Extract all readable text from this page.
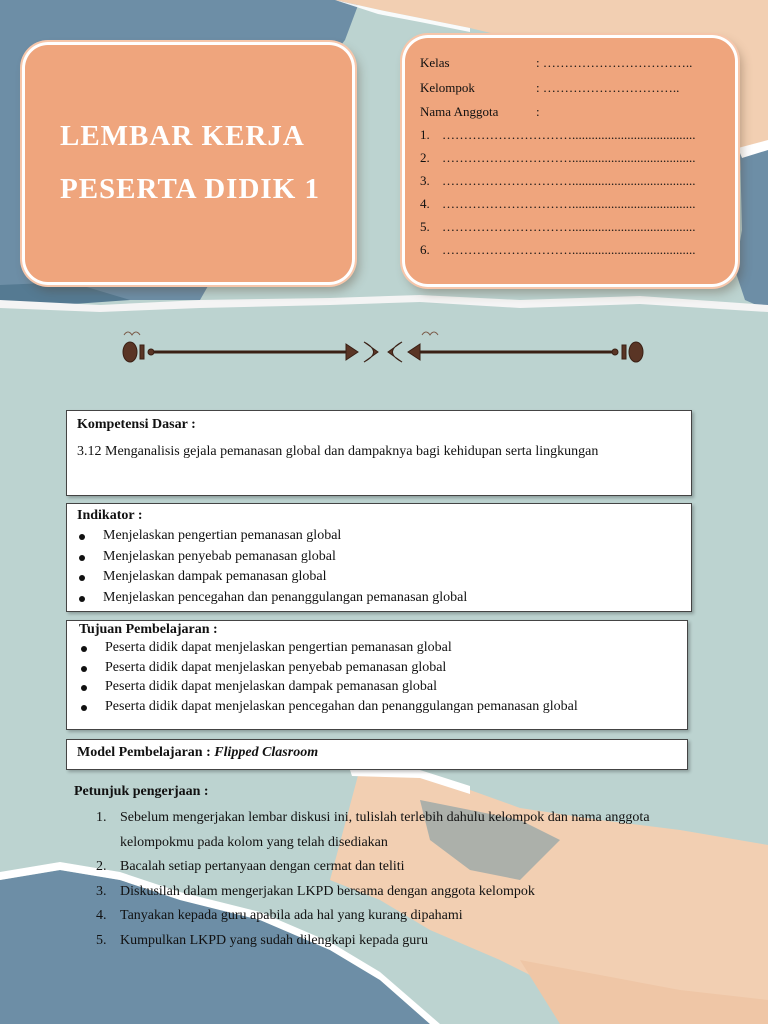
LEMBAR KERJA
PESERTA DIDIK 1
Kelas	: ……………………………..
Kelompok	: …………………………..
Nama Anggota	:
1. …………………………......................................
2. …………………………......................................
3. …………………………......................................
4. …………………………......................................
5. …………………………......................................
6. …………………………......................................
Kompetensi Dasar :
3.12 Menganalisis gejala pemanasan global dan dampaknya bagi kehidupan serta lingkungan
Indikator :
Menjelaskan pengertian pemanasan global
Menjelaskan penyebab pemanasan global
Menjelaskan dampak pemanasan global
Menjelaskan pencegahan dan penanggulangan pemanasan global
Tujuan Pembelajaran :
Peserta didik dapat menjelaskan pengertian pemanasan global
Peserta didik dapat menjelaskan penyebab pemanasan global
Peserta didik dapat menjelaskan dampak pemanasan global
Peserta didik dapat menjelaskan pencegahan dan penanggulangan pemanasan global
Model Pembelajaran : Flipped Clasroom
Petunjuk pengerjaan :
1. Sebelum mengerjakan lembar diskusi ini, tulislah terlebih dahulu kelompok dan nama anggota kelompokmu pada kolom yang telah disediakan
2. Bacalah setiap pertanyaan dengan cermat dan teliti
3. Diskusilah dalam mengerjakan LKPD bersama dengan anggota kelompok
4. Tanyakan kepada guru apabila ada hal yang kurang dipahami
5. Kumpulkan LKPD yang sudah dilengkapi kepada guru
